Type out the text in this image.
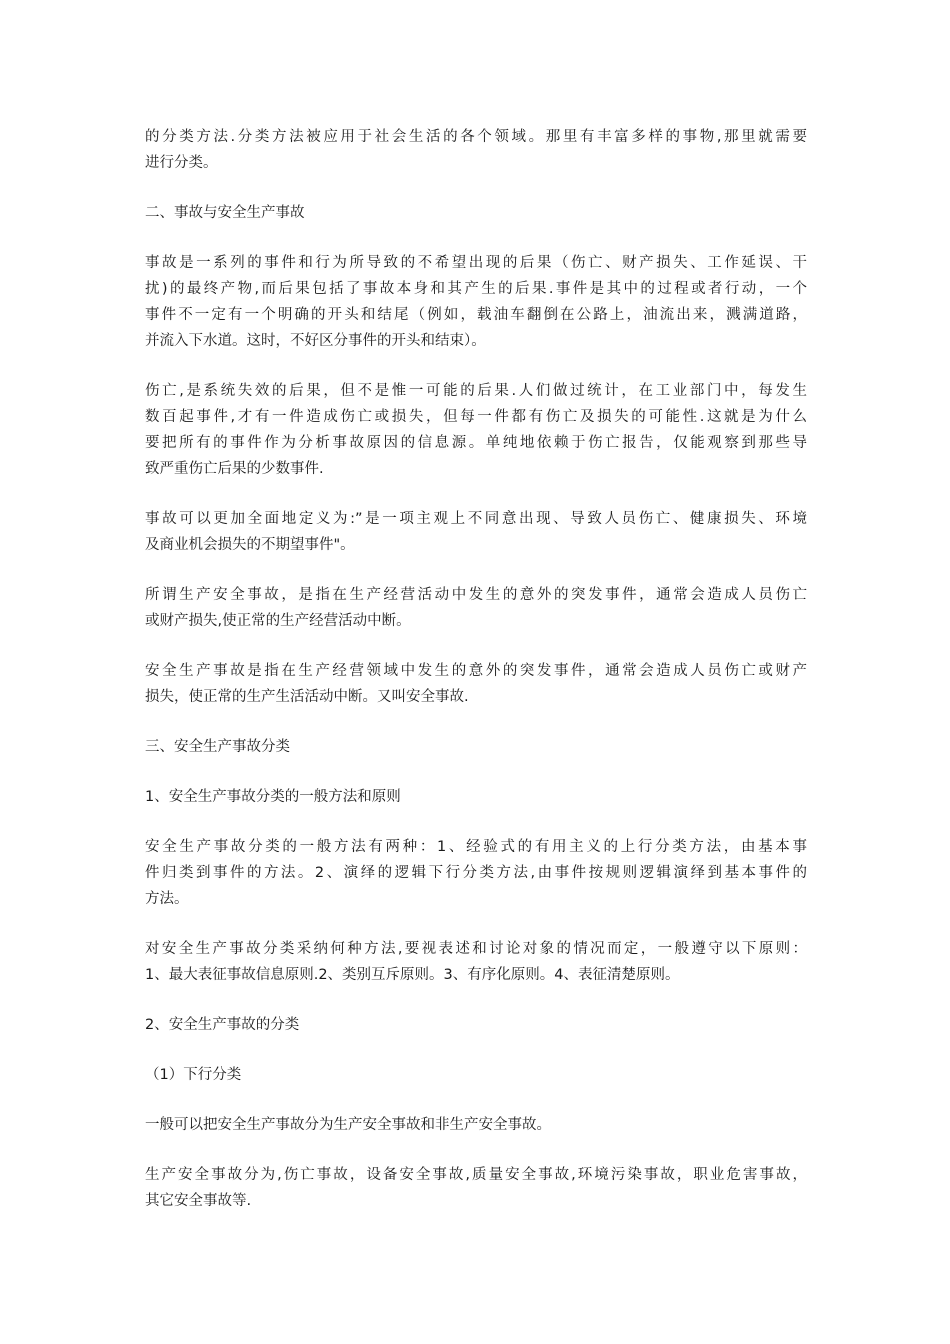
的分类方法.分类方法被应用于社会生活的各个领域。那里有丰富多样的事物,那里就需要
进行分类。
二、事故与安全生产事故
事故是一系列的事件和行为所导致的不希望出现的后果（伤亡、财产损失、工作延误、干
扰)的最终产物,而后果包括了事故本身和其产生的后果.事件是其中的过程或者行动，一个
事件不一定有一个明确的开头和结尾（例如，载油车翻倒在公路上，油流出来，溅满道路，
并流入下水道。这时，不好区分事件的开头和结束）。
伤亡,是系统失效的后果，但不是惟一可能的后果.人们做过统计，在工业部门中，每发生
数百起事件,才有一件造成伤亡或损失，但每一件都有伤亡及损失的可能性.这就是为什么
要把所有的事件作为分析事故原因的信息源。单纯地依赖于伤亡报告，仅能观察到那些导
致严重伤亡后果的少数事件.
事故可以更加全面地定义为:”是一项主观上不同意出现、导致人员伤亡、健康损失、环境
及商业机会损失的不期望事件"。
所谓生产安全事故，是指在生产经营活动中发生的意外的突发事件，通常会造成人员伤亡
或财产损失,使正常的生产经营活动中断。
安全生产事故是指在生产经营领域中发生的意外的突发事件，通常会造成人员伤亡或财产
损失，使正常的生产生活活动中断。又叫安全事故.
三、安全生产事故分类
1、安全生产事故分类的一般方法和原则
安全生产事故分类的一般方法有两种：1、经验式的有用主义的上行分类方法，由基本事
件归类到事件的方法。2、演绎的逻辑下行分类方法,由事件按规则逻辑演绎到基本事件的
方法。
对安全生产事故分类采纳何种方法,要视表述和讨论对象的情况而定，一般遵守以下原则：
1、最大表征事故信息原则.2、类别互斥原则。3、有序化原则。4、表征清楚原则。
2、安全生产事故的分类
（1）下行分类
一般可以把安全生产事故分为生产安全事故和非生产安全事故。
生产安全事故分为,伤亡事故，设备安全事故,质量安全事故,环境污染事故，职业危害事故，
其它安全事故等.
